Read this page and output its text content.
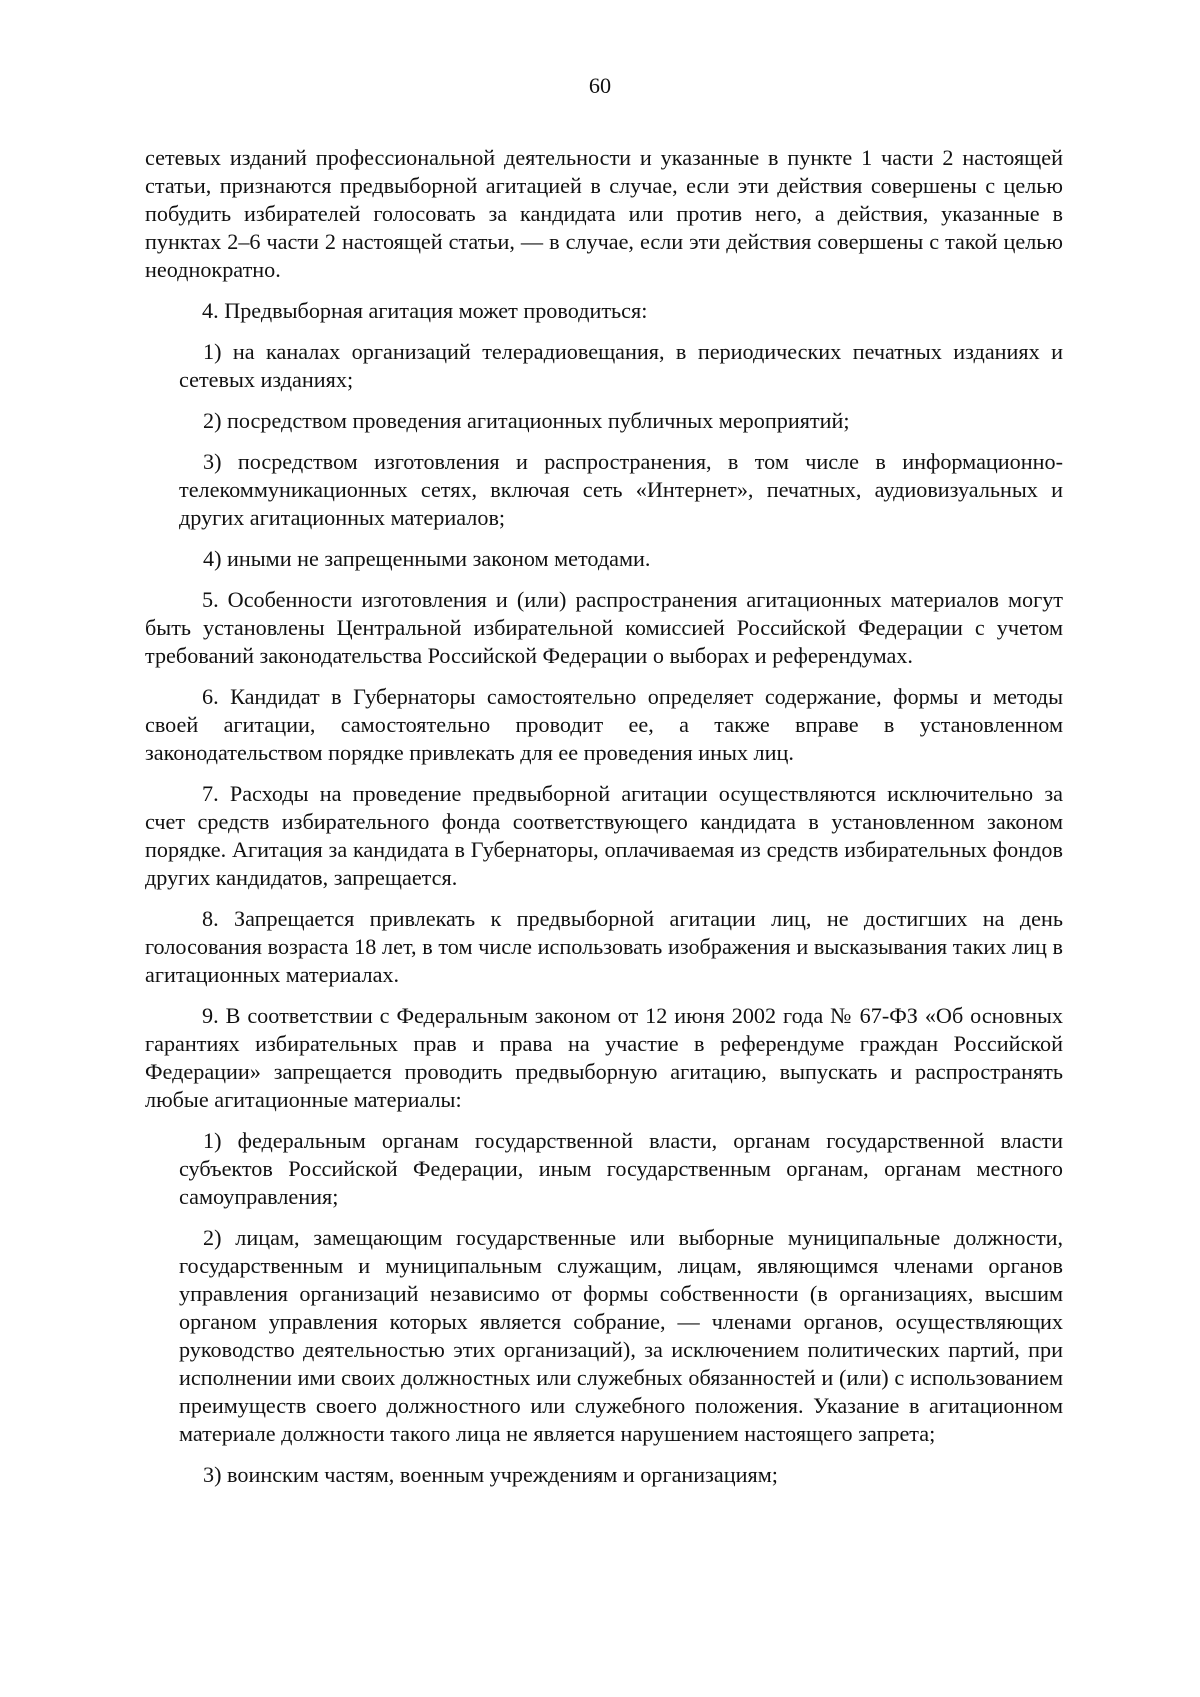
60

сетевых изданий профессиональной деятельности и указанные в пункте 1 части 2 настоящей статьи, признаются предвыборной агитацией в случае, если эти действия совершены с целью побудить избирателей голосовать за кандидата или против него, а действия, указанные в пунктах 2–6 части 2 настоящей статьи, — в случае, если эти действия совершены с такой целью неоднократно.

4. Предвыборная агитация может проводиться:

1) на каналах организаций телерадиовещания, в периодических печатных изданиях и сетевых изданиях;

2) посредством проведения агитационных публичных мероприятий;

3) посредством изготовления и распространения, в том числе в информационно-телекоммуникационных сетях, включая сеть «Интернет», печатных, аудиовизуальных и других агитационных материалов;

4) иными не запрещенными законом методами.

5. Особенности изготовления и (или) распространения агитационных материалов могут быть установлены Центральной избирательной комиссией Российской Федерации с учетом требований законодательства Российской Федерации о выборах и референдумах.

6. Кандидат в Губернаторы самостоятельно определяет содержание, формы и методы своей агитации, самостоятельно проводит ее, а также вправе в установленном законодательством порядке привлекать для ее проведения иных лиц.

7. Расходы на проведение предвыборной агитации осуществляются исключительно за счет средств избирательного фонда соответствующего кандидата в установленном законом порядке. Агитация за кандидата в Губернаторы, оплачиваемая из средств избирательных фондов других кандидатов, запрещается.

8. Запрещается привлекать к предвыборной агитации лиц, не достигших на день голосования возраста 18 лет, в том числе использовать изображения и высказывания таких лиц в агитационных материалах.

9. В соответствии с Федеральным законом от 12 июня 2002 года № 67-ФЗ «Об основных гарантиях избирательных прав и права на участие в референдуме граждан Российской Федерации» запрещается проводить предвыборную агитацию, выпускать и распространять любые агитационные материалы:

1) федеральным органам государственной власти, органам государственной власти субъектов Российской Федерации, иным государственным органам, органам местного самоуправления;

2) лицам, замещающим государственные или выборные муниципальные должности, государственным и муниципальным служащим, лицам, являющимся членами органов управления организаций независимо от формы собственности (в организациях, высшим органом управления которых является собрание, — членами органов, осуществляющих руководство деятельностью этих организаций), за исключением политических партий, при исполнении ими своих должностных или служебных обязанностей и (или) с использованием преимуществ своего должностного или служебного положения. Указание в агитационном материале должности такого лица не является нарушением настоящего запрета;

3) воинским частям, военным учреждениям и организациям;
